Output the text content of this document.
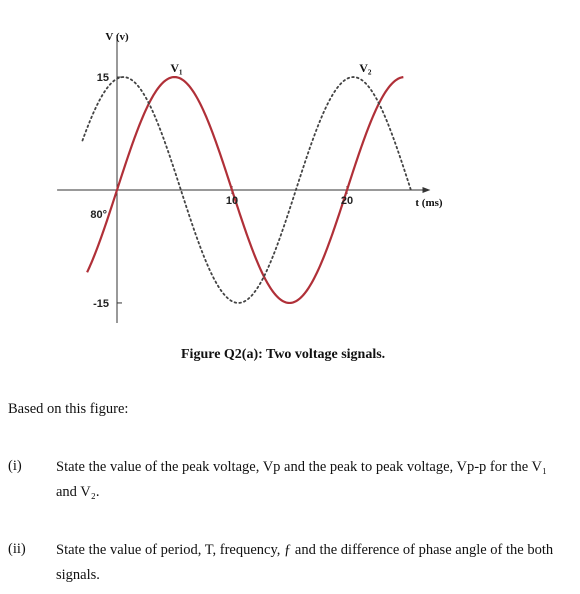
15
-15
10	20
V (v)
t (ms)
80°
V₁	V₂
Figure Q2(a): Two voltage signals.
Based on this figure:
(i) State the value of the peak voltage, Vp and the peak to peak voltage, Vp-p for the V₁ and V₂.
(ii) State the value of period, T, frequency, ƒ and the difference of phase angle of the both signals.
